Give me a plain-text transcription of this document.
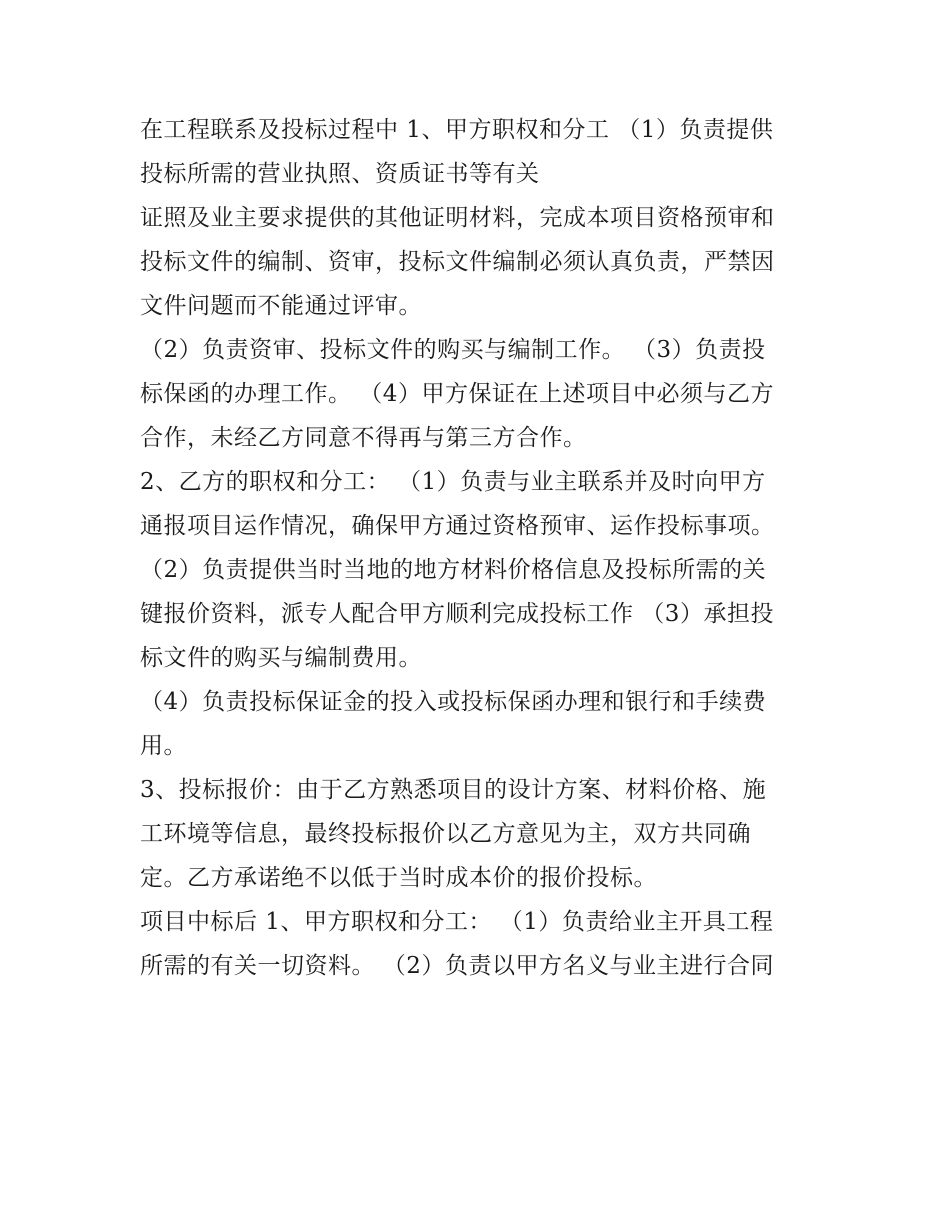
在工程联系及投标过程中 1、甲方职权和分工 （1）负责提供
投标所需的营业执照、资质证书等有关
证照及业主要求提供的其他证明材料，完成本项目资格预审和
投标文件的编制、资审，投标文件编制必须认真负责，严禁因
文件问题而不能通过评审。
（2）负责资审、投标文件的购买与编制工作。 （3）负责投
标保函的办理工作。 （4）甲方保证在上述项目中必须与乙方
合作，未经乙方同意不得再与第三方合作。
2、乙方的职权和分工： （1）负责与业主联系并及时向甲方
通报项目运作情况，确保甲方通过资格预审、运作投标事项。
（2）负责提供当时当地的地方材料价格信息及投标所需的关
键报价资料，派专人配合甲方顺利完成投标工作 （3）承担投
标文件的购买与编制费用。
（4）负责投标保证金的投入或投标保函办理和银行和手续费
用。
3、投标报价：由于乙方熟悉项目的设计方案、材料价格、施
工环境等信息，最终投标报价以乙方意见为主，双方共同确
定。乙方承诺绝不以低于当时成本价的报价投标。
项目中标后 1、甲方职权和分工： （1）负责给业主开具工程
所需的有关一切资料。 （2）负责以甲方名义与业主进行合同
